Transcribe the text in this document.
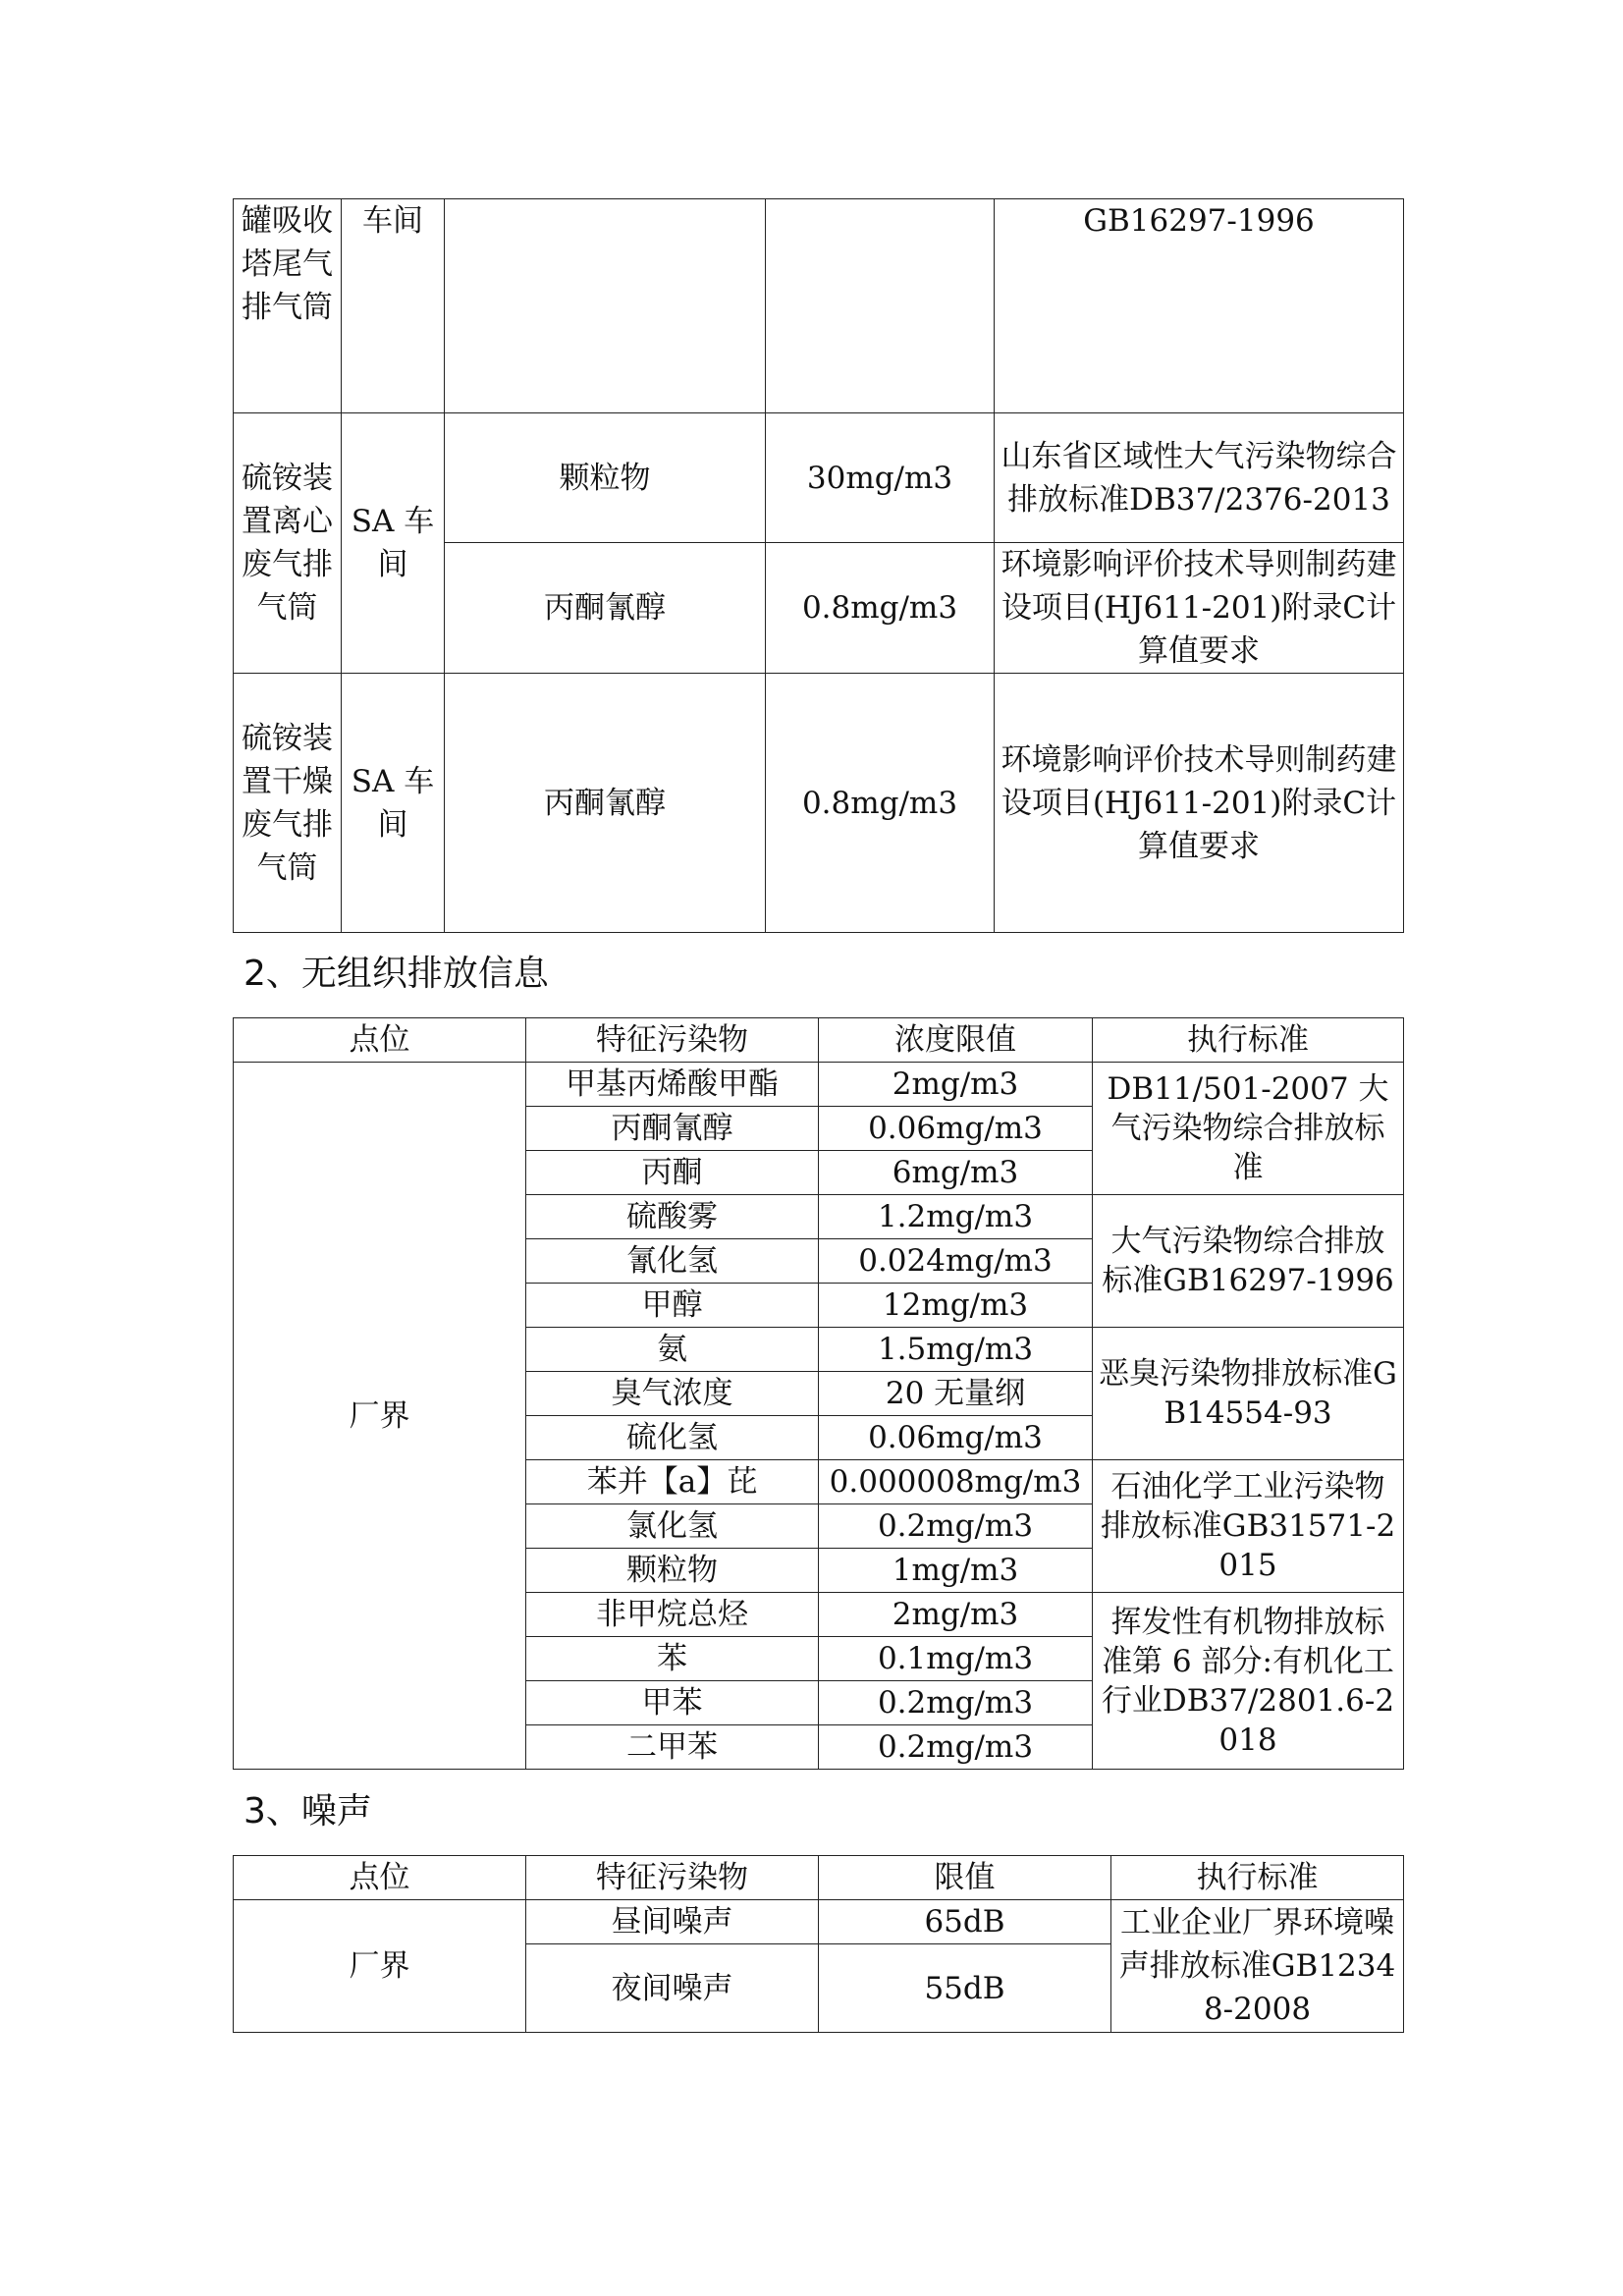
罐吸收塔尾气排气筒	车间			GB16297-1996
硫铵装置离心废气排气筒	SA 车间	颗粒物	30mg/m3	山东省区域性大气污染物综合排放标准DB37/2376-2013
		丙酮氰醇	0.8mg/m3	环境影响评价技术导则制药建设项目(HJ611-201)附录C计算值要求
硫铵装置干燥废气排气筒	SA 车间	丙酮氰醇	0.8mg/m3	环境影响评价技术导则制药建设项目(HJ611-201)附录C计算值要求
2、无组织排放信息
点位	特征污染物	浓度限值	执行标准
厂界	甲基丙烯酸甲酯	2mg/m3	DB11/501-2007 大气污染物综合排放标准
	丙酮氰醇	0.06mg/m3	
	丙酮	6mg/m3	
	硫酸雾	1.2mg/m3	大气污染物综合排放标准GB16297-1996
	氰化氢	0.024mg/m3	
	甲醇	12mg/m3	
	氨	1.5mg/m3	恶臭污染物排放标准GB14554-93
	臭气浓度	20 无量纲	
	硫化氢	0.06mg/m3	
	苯并【a】芘	0.000008mg/m3	石油化学工业污染物排放标准GB31571-2015
	氯化氢	0.2mg/m3	
	颗粒物	1mg/m3	
	非甲烷总烃	2mg/m3	挥发性有机物排放标准第 6 部分:有机化工行业DB37/2801.6-2018
	苯	0.1mg/m3	
	甲苯	0.2mg/m3	
	二甲苯	0.2mg/m3	
3、噪声
点位	特征污染物	限值	执行标准
厂界	昼间噪声	65dB	工业企业厂界环境噪声排放标准GB12348-2008
	夜间噪声	55dB	
